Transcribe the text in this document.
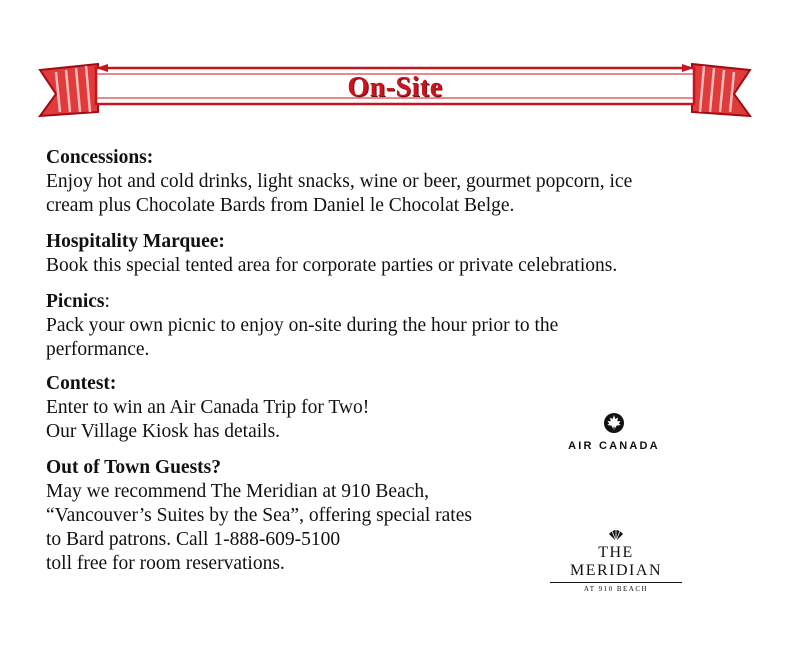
On-Site
Concessions:
Enjoy hot and cold drinks, light snacks, wine or beer, gourmet popcorn, ice
cream plus Chocolate Bards from Daniel le Chocolat Belge.
Hospitality Marquee:
Book this special tented area for corporate parties or private celebrations.
Picnics:
Pack your own picnic to enjoy on-site during the hour prior to the
performance.
Contest:
Enter to win an Air Canada Trip for Two!
Our Village Kiosk has details.
Out of Town Guests?
May we recommend The Meridian at 910 Beach,
“Vancouver’s Suites by the Sea”, offering special rates
to Bard patrons. Call 1-888-609-5100
toll free for room reservations.
AIR CANADA
THE MERIDIAN
AT 910 BEACH
